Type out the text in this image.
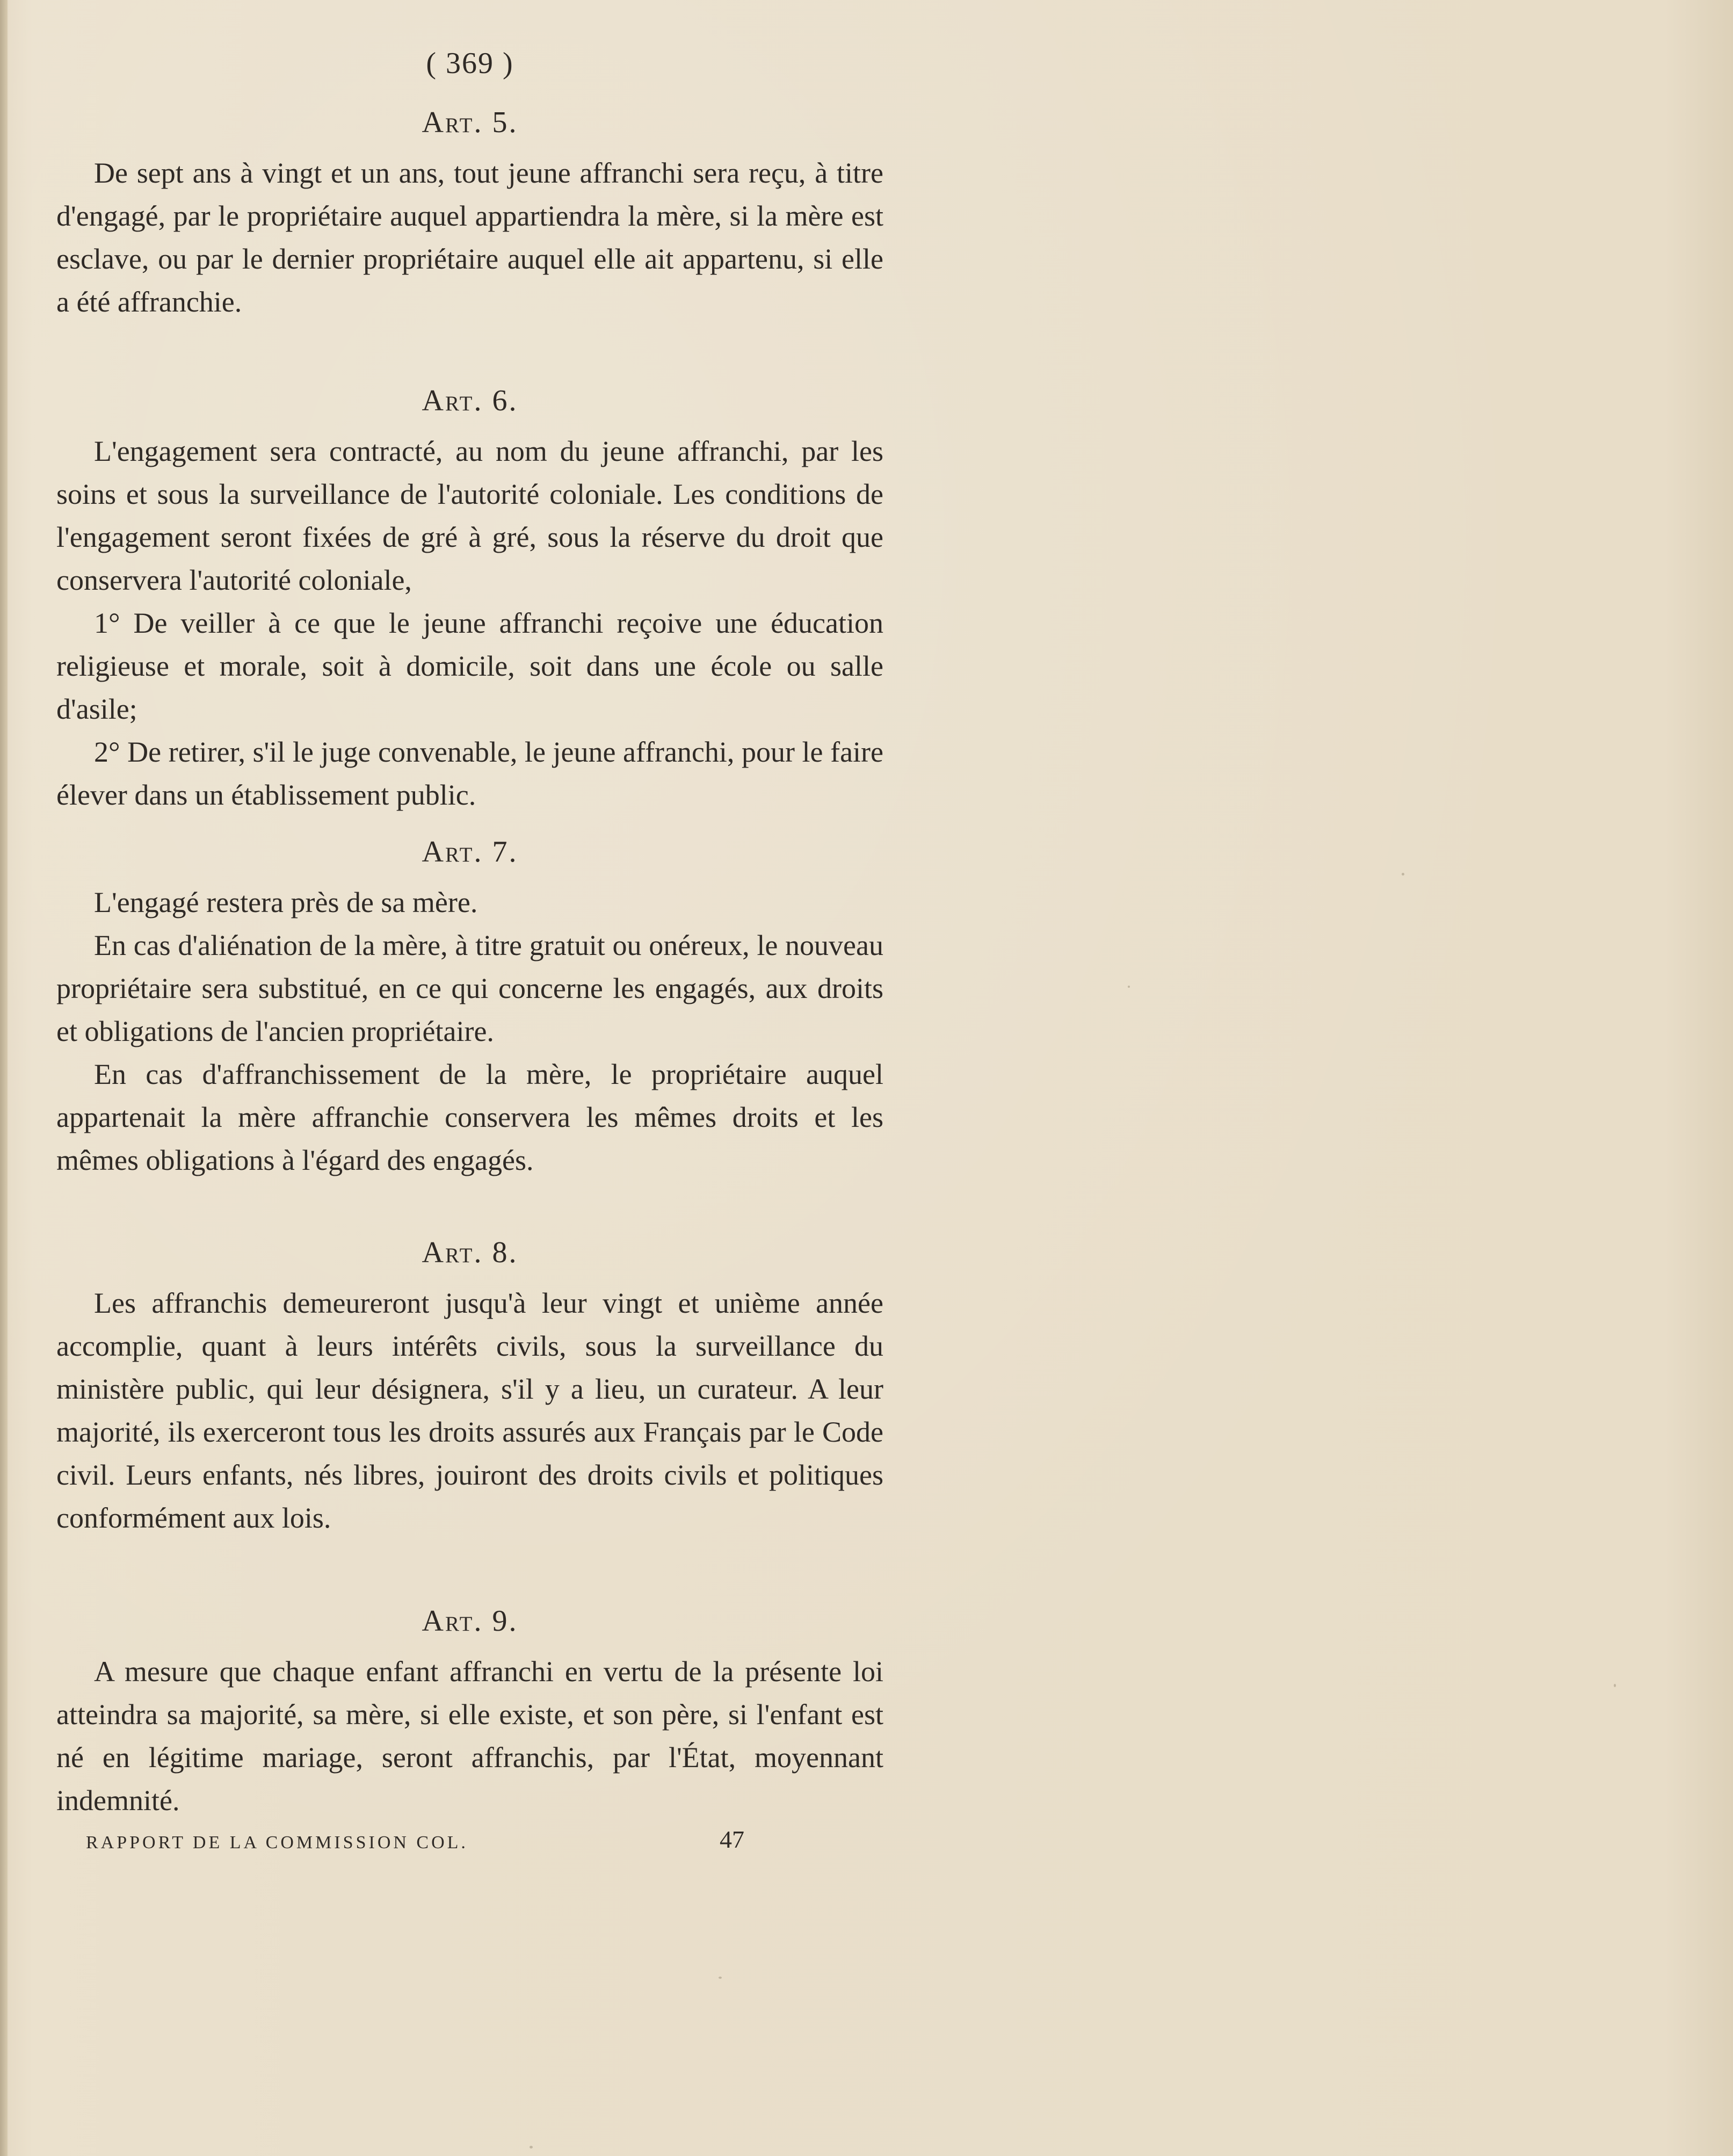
( 369 )
Art. 5.

De sept ans à vingt et un ans, tout jeune affranchi sera reçu, à titre d'engagé, par le propriétaire auquel appartiendra la mère, si la mère est esclave, ou par le dernier propriétaire auquel elle ait appartenu, si elle a été affranchie.

Art. 6.

L'engagement sera contracté, au nom du jeune affranchi, par les soins et sous la surveillance de l'autorité coloniale. Les conditions de l'engagement seront fixées de gré à gré, sous la réserve du droit que conservera l'autorité coloniale,

1° De veiller à ce que le jeune affranchi reçoive une éducation religieuse et morale, soit à domicile, soit dans une école ou salle d'asile;

2° De retirer, s'il le juge convenable, le jeune affranchi, pour le faire élever dans un établissement public.

Art. 7.

L'engagé restera près de sa mère.

En cas d'aliénation de la mère, à titre gratuit ou onéreux, le nouveau propriétaire sera substitué, en ce qui concerne les engagés, aux droits et obligations de l'ancien propriétaire.

En cas d'affranchissement de la mère, le propriétaire auquel appartenait la mère affranchie conservera les mêmes droits et les mêmes obligations à l'égard des engagés.

Art. 8.

Les affranchis demeureront jusqu'à leur vingt et unième année accomplie, quant à leurs intérêts civils, sous la surveillance du ministère public, qui leur désignera, s'il y a lieu, un curateur. A leur majorité, ils exerceront tous les droits assurés aux Français par le Code civil. Leurs enfants, nés libres, jouiront des droits civils et politiques conformément aux lois.

Art. 9.

A mesure que chaque enfant affranchi en vertu de la présente loi atteindra sa majorité, sa mère, si elle existe, et son père, si l'enfant est né en légitime mariage, seront affranchis, par l'État, moyennant indemnité.

RAPPORT DE LA COMMISSION COL.	47
